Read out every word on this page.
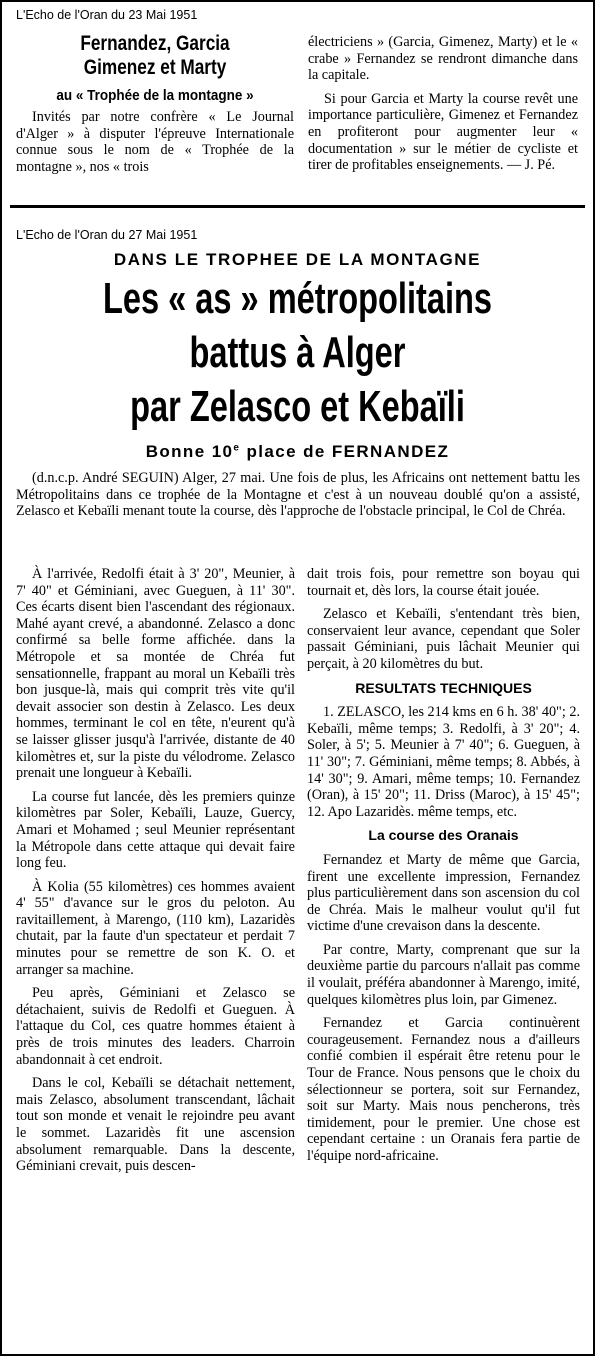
L'Echo de l'Oran du 23 Mai 1951
Fernandez, Garcia
Gimenez et Marty
au « Trophée de la montagne »

Invités par notre confrère « Le Journal d'Alger » à disputer l'épreuve Internationale connue sous le nom de « Trophée de la montagne », nos « trois

électriciens » (Garcia, Gimenez, Marty) et le « crabe » Fernandez se rendront dimanche dans la capitale.

Si pour Garcia et Marty la course revêt une importance particulière, Gimenez et Fernandez en profiteront pour augmenter leur « documentation » sur le métier de cycliste et tirer de profitables enseignements. — J. Pé.

L'Echo de l'Oran du 27 Mai 1951
DANS LE TROPHEE DE LA MONTAGNE
Les « as » métropolitains
battus à Alger
par Zelasco et Kebaïli
Bonne 10e place de FERNANDEZ

(d.n.c.p. André SEGUIN) Alger, 27 mai. Une fois de plus, les Africains ont nettement battu les Métropolitains dans ce trophée de la Montagne et c'est à un nouveau doublé qu'on a assisté, Zelasco et Kebaïli menant toute la course, dès l'approche de l'obstacle principal, le Col de Chréa.

À l'arrivée, Redolfi était à 3' 20", Meunier, à 7' 40" et Géminiani, avec Gueguen, à 11' 30". Ces écarts disent bien l'ascendant des régionaux. Mahé ayant crevé, a abandonné. Zelasco a donc confirmé sa belle forme affichée. dans la Métropole et sa montée de Chréa fut sensationnelle, frappant au moral un Kebaïli très bon jusque-là, mais qui comprit très vite qu'il devait associer son destin à Zelasco. Les deux hommes, terminant le col en tête, n'eurent qu'à se laisser glisser jusqu'à l'arrivée, distante de 40 kilomètres et, sur la piste du vélodrome. Zelasco prenait une longueur à Kebaïli.

La course fut lancée, dès les premiers quinze kilomètres par Soler, Kebaïli, Lauze, Guercy, Amari et Mohamed ; seul Meunier représentant la Métropole dans cette attaque qui devait faire long feu.

À Kolia (55 kilomètres) ces hommes avaient 4' 55" d'avance sur le gros du peloton. Au ravitaillement, à Marengo, (110 km), Lazaridès chutait, par la faute d'un spectateur et perdait 7 minutes pour se remettre de son K. O. et arranger sa machine.

Peu après, Géminiani et Zelasco se détachaient, suivis de Redolfi et Gueguen. À l'attaque du Col, ces quatre hommes étaient à près de trois minutes des leaders. Charroin abandonnait à cet endroit.

Dans le col, Kebaïli se détachait nettement, mais Zelasco, absolument transcendant, lâchait tout son monde et venait le rejoindre peu avant le sommet. Lazaridès fit une ascension absolument remarquable. Dans la descente, Géminiani crevait, puis descen-

dait trois fois, pour remettre son boyau qui tournait et, dès lors, la course était jouée.

Zelasco et Kebaïli, s'entendant très bien, conservaient leur avance, cependant que Soler passait Géminiani, puis lâchait Meunier qui perçait, à 20 kilomètres du but.

RESULTATS TECHNIQUES

1. ZELASCO, les 214 kms en 6 h. 38' 40"; 2. Kebaïli, même temps; 3. Redolfi, à 3' 20"; 4. Soler, à 5'; 5. Meunier à 7' 40"; 6. Gueguen, à 11' 30"; 7. Géminiani, même temps; 8. Abbés, à 14' 30"; 9. Amari, même temps; 10. Fernandez (Oran), à 15' 20"; 11. Driss (Maroc), à 15' 45"; 12. Apo Lazaridès. même temps, etc.

La course des Oranais

Fernandez et Marty de même que Garcia, firent une excellente impression, Fernandez plus particulièrement dans son ascension du col de Chréa. Mais le malheur voulut qu'il fut victime d'une crevaison dans la descente.

Par contre, Marty, comprenant que sur la deuxième partie du parcours n'allait pas comme il voulait, préféra abandonner à Marengo, imité, quelques kilomètres plus loin, par Gimenez.

Fernandez et Garcia continuèrent courageusement. Fernandez nous a d'ailleurs confié combien il espérait être retenu pour le Tour de France. Nous pensons que le choix du sélectionneur se portera, soit sur Fernandez, soit sur Marty. Mais nous pencherons, très timidement, pour le premier. Une chose est cependant certaine : un Oranais fera partie de l'équipe nord-africaine.
